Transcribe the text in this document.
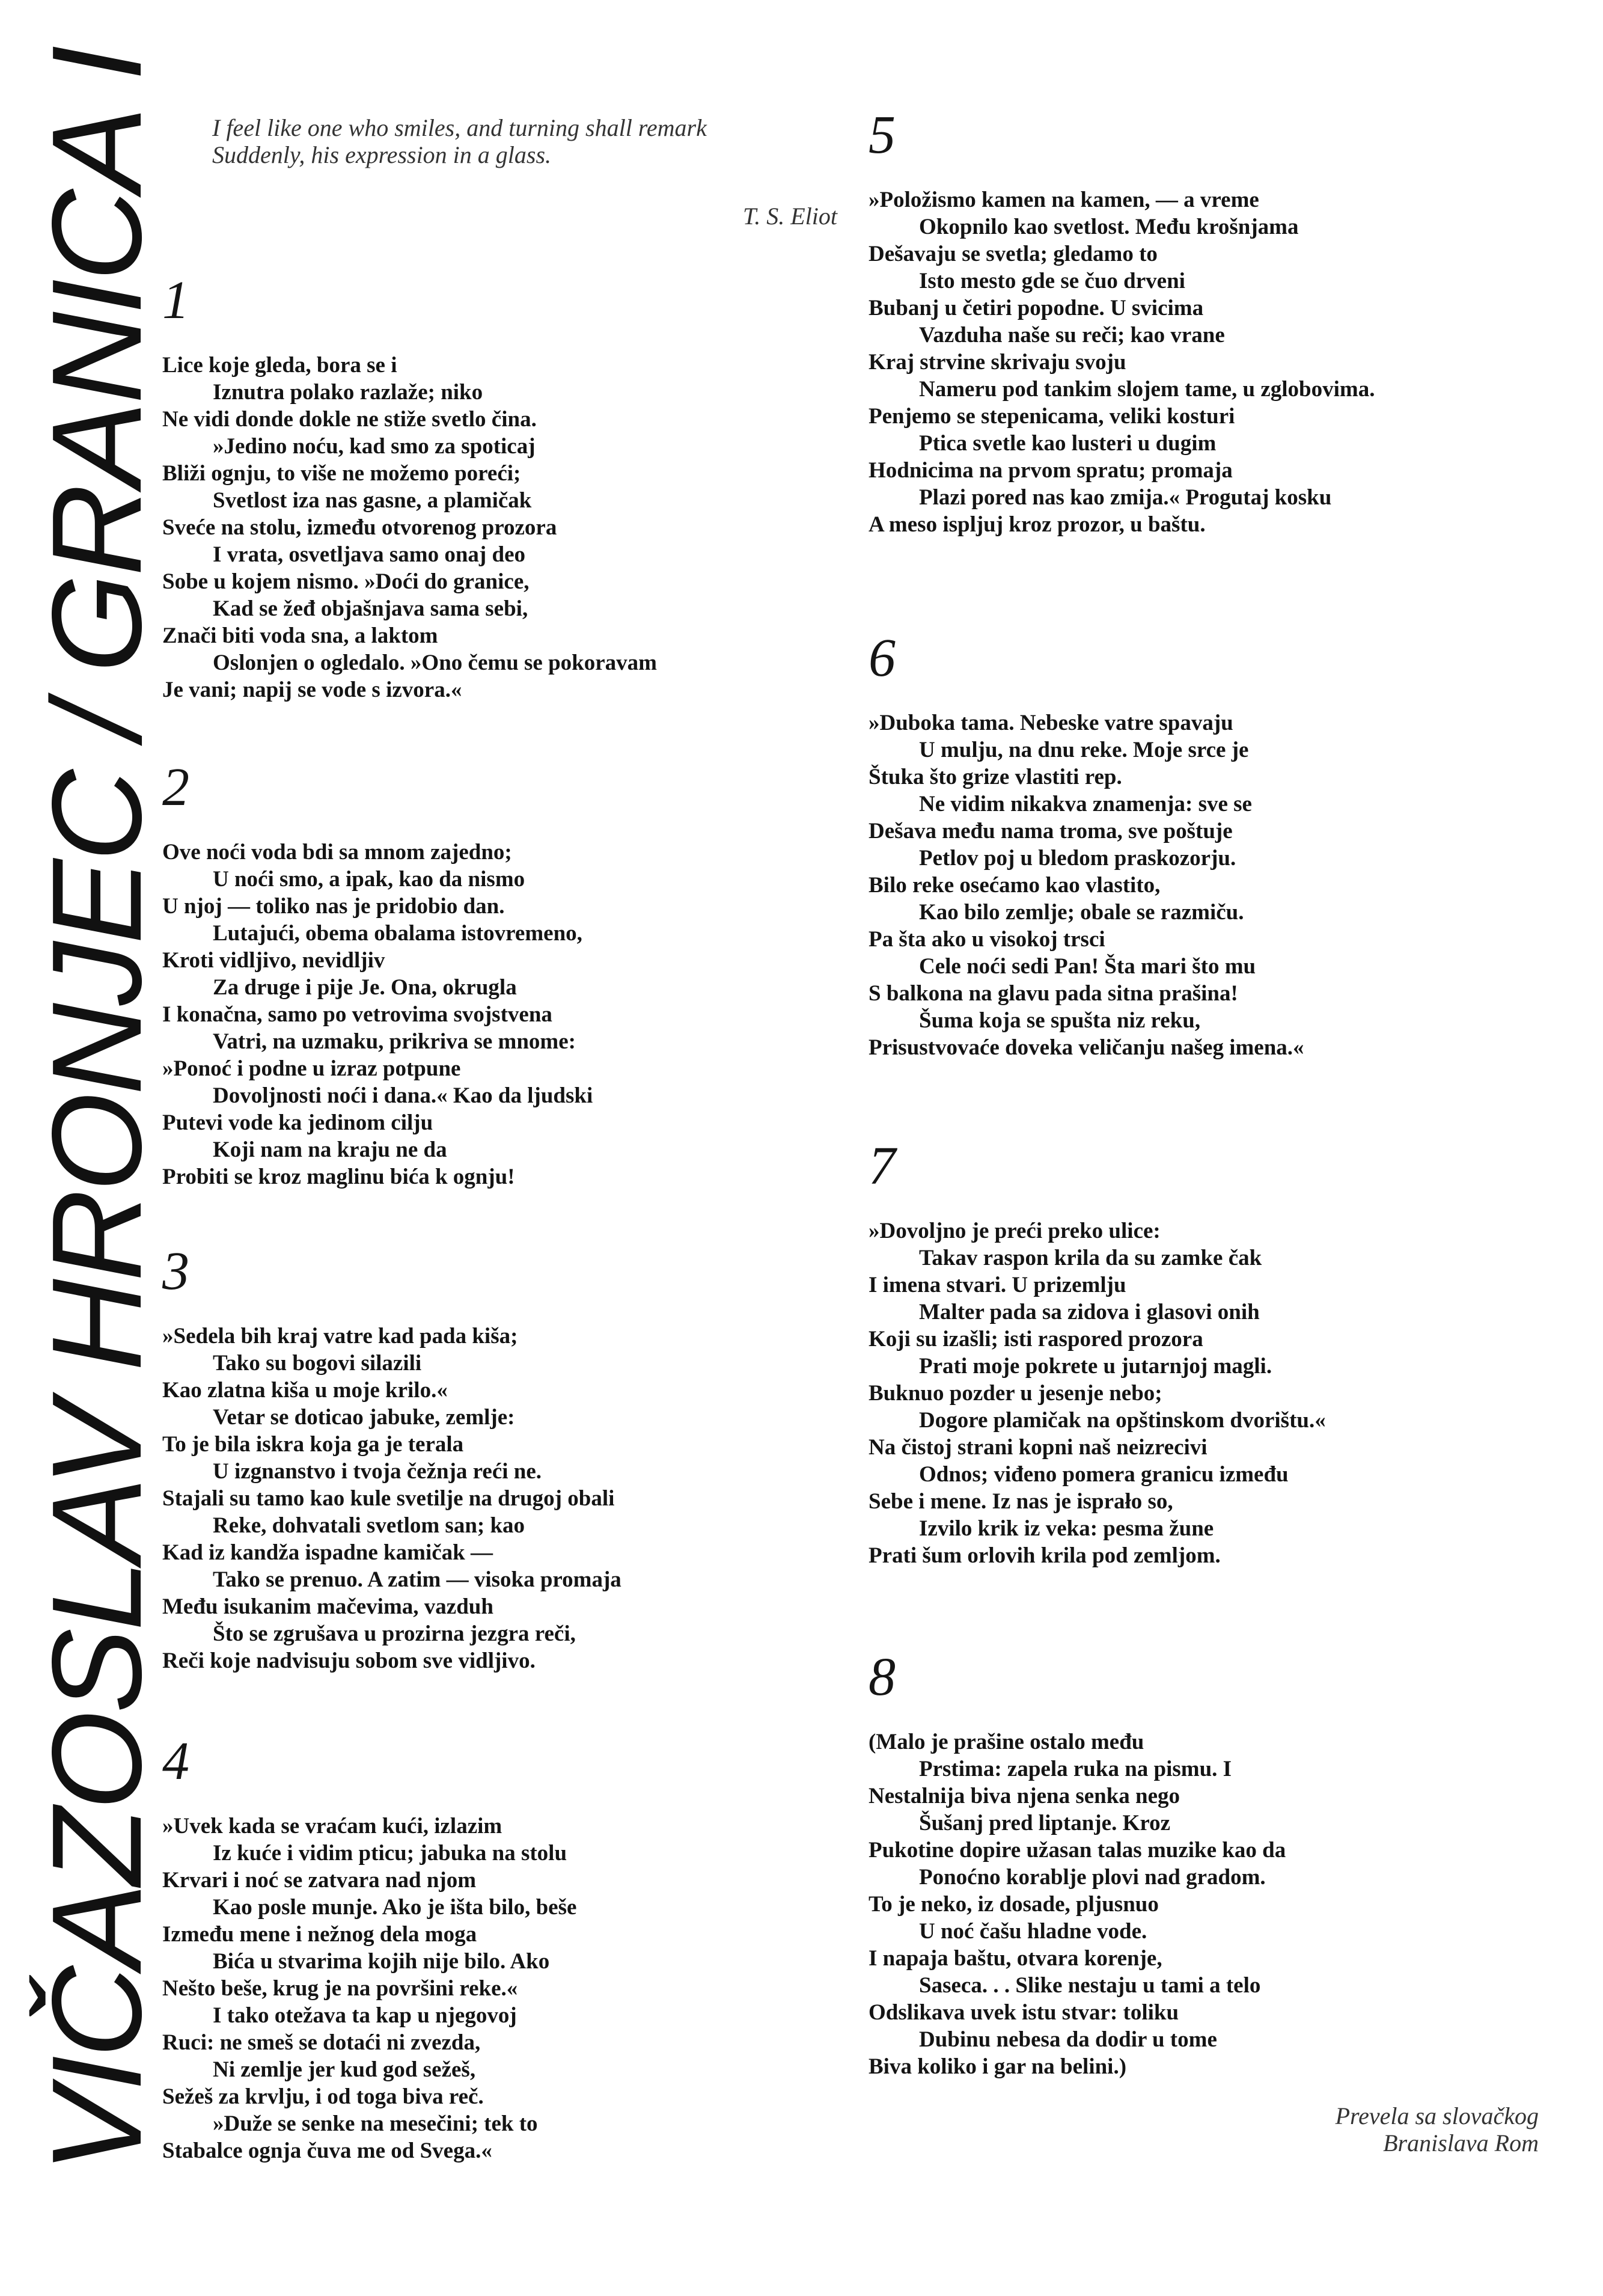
VIČAZOSLAV HRONJEC / GRANICA I I feel like one who smiles, and turning shall remark
Suddenly, his expression in a glass.
T. S. Eliot
1
Lice koje gleda, bora se i
Iznutra polako razlaže; niko
Ne vidi donde dokle ne stiže svetlo čina.
»Jedino noću, kad smo za spoticaj
Bliži ognju, to više ne možemo poreći;
Svetlost iza nas gasne, a plamičak
Sveće na stolu, između otvorenog prozora
I vrata, osvetljava samo onaj deo
Sobe u kojem nismo. »Doći do granice,
Kad se žeđ objašnjava sama sebi,
Znači biti voda sna, a laktom
Oslonjen o ogledalo. »Ono čemu se pokoravam
Je vani; napij se vode s izvora.«
2
Ove noći voda bdi sa mnom zajedno;
U noći smo, a ipak, kao da nismo
U njoj — toliko nas je pridobio dan.
Lutajući, obema obalama istovremeno,
Kroti vidljivo, nevidljiv
Za drugе i pije Je. Ona, okrugla
I konačna, samo po vetrovima svojstvena
Vatri, na uzmaku, prikriva se mnome:
»Ponoć i podne u izraz potpune
Dovoljnosti noći i dana.« Kao da ljudski
Putevi vode ka jedinom cilju
Koji nam na kraju ne da
Probiti se kroz maglinu bića k ognju!
3
»Sedela bih kraj vatre kad pada kiša;
Tako su bogovi silazili
Kao zlatna kiša u moje krilo.«
Vetar se doticao jabuke, zemlje:
To je bila iskra koja ga je terala
U izgnanstvo i tvoja čežnja reći ne.
Stajali su tamo kao kule svetilje na drugoj obali
Reke, dohvatali svetlom san; kao
Kad iz kandža ispadne kamičak —
Tako se prenuo. A zatim — visoka promaja
Među isukanim mačevima, vazduh
Što se zgrušava u prozirna jezgra reči,
Reči koje nadvisuju sobom sve vidljivo.
4
»Uvek kada se vraćam kući, izlazim
Iz kuće i vidim pticu; jabuka na stolu
Krvari i noć se zatvara nad njom
Kao posle munje. Ako je išta bilo, beše
Između mene i nežnog dela moga
Bića u stvarima kojih nije bilo. Ako
Nešto beše, krug je na površini reke.«
I tako otežava ta kap u njegovoj
Ruci: ne smeš se dotaći ni zvezda,
Ni zemlje jer kud god sežeš,
Sežeš za krvlju, i od toga biva reč.
»Duže se senke na mesečini; tek to
Stabalce ognja čuva me od Svega.«
5
»Položismo kamen na kamen, — a vreme
Okopnilo kao svetlost. Među krošnjama
Dešavaju se svetla; gledamo to
Isto mesto gde se čuo drveni
Bubanj u četiri popodne. U svicima
Vazduha naše su reči; kao vrane
Kraj strvine skrivaju svoju
Nameru pod tankim slojem tame, u zglobovima.
Penjemo se stepenicama, veliki kosturi
Ptica svetle kao lusteri u dugim
Hodnicima na prvom spratu; promaja
Plazi pored nas kao zmija.« Progutaj kosku
A meso ispljuj kroz prozor, u baštu.
6
»Duboka tama. Nebeske vatre spavaju
U mulju, na dnu reke. Moje srce je
Štuka što grize vlastiti rep.
Ne vidim nikakva znamenja: sve se
Dešava među nama troma, sve poštuje
Petlov poj u bledom praskozorju.
Bilo reke osećamo kao vlastito,
Kao bilo zemlje; obale se razmiču.
Pa šta ako u visokoj trsci
Cele noći sedi Pan! Šta mari što mu
S balkona na glavu pada sitna prašina!
Šuma koja se spušta niz reku,
Prisustvovaće doveka veličanju našeg imena.«
7
»Dovoljno je preći preko ulice:
Takav raspon krila da su zamke čak
I imena stvari. U prizemlju
Malter pada sa zidova i glasovi onih
Koji su izašli; isti raspored prozora
Prati moje pokrete u jutarnjoj magli.
Buknuo pozder u jesenje nebo;
Dogore plamičak na opštinskom dvorištu.«
Na čistoj strani kopni naš neizrecivi
Odnos; viđeno pomera granicu između
Sebe i mene. Iz nas je isprało so,
Izvilo krik iz veka: pesma žune
Prati šum orlovih krila pod zemljom.
8
(Malo je prašine ostalo među
Prstima: zapela ruka na pismu. I
Nestalnija biva njena senka nego
Šušanj pred liptanje. Kroz
Pukotine dopire užasan talas muzike kao da
Ponoćno korablje plovi nad gradom.
To je neko, iz dosade, pljusnuo
U noć čašu hladne vode.
I napaja baštu, otvara korenje,
Saseca. . . Slike nestaju u tami a telo
Odslikava uvek istu stvar: toliku
Dubinu nebesa da dodir u tome
Biva koliko i gar na belini.)
Prevela sa slovačkog
Branislava Rom
